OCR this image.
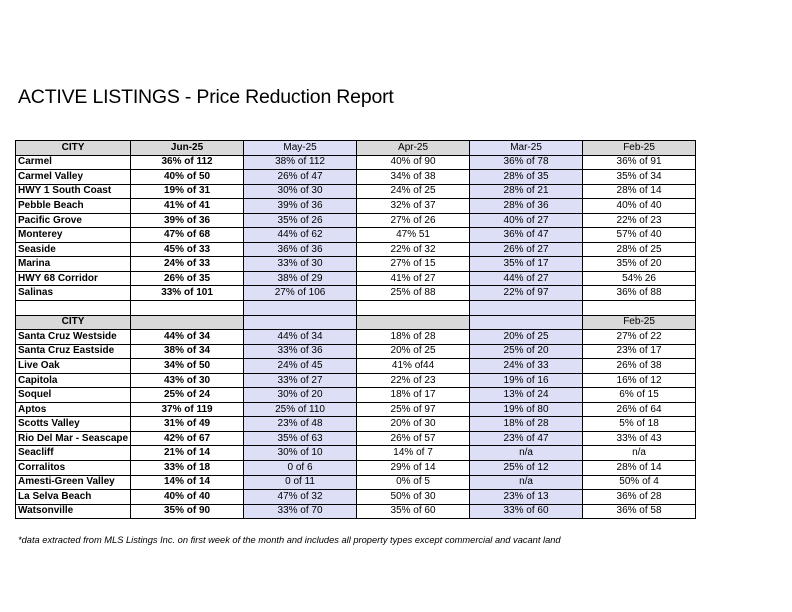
ACTIVE LISTINGS - Price Reduction Report
CITY	Jun-25	May-25	Apr-25	Mar-25	Feb-25
Carmel	36% of 112	38% of 112	40% of 90	36% of 78	36% of 91
Carmel Valley	40% of 50	26% of 47	34% of 38	28% of 35	35% of 34
HWY 1 South Coast	19% of 31	30% of 30	24% of 25	28% of 21	28% of 14
Pebble Beach	41% of 41	39% of 36	32% of 37	28% of 36	40% of 40
Pacific Grove	39% of 36	35% of 26	27% of 26	40% of 27	22% of 23
Monterey	47% of 68	44% of 62	47% 51	36% of 47	57% of 40
Seaside	45% of 33	36% of 36	22% of 32	26% of 27	28% of 25
Marina	24% of 33	33% of 30	27% of 15	35% of 17	35% of 20
HWY 68 Corridor	26% of 35	38% of 29	41% of 27	44% of 27	54% 26
Salinas	33% of 101	27% of 106	25% of 88	22% of 97	36% of 88

CITY					Feb-25
Santa Cruz Westside	44% of 34	44% of 34	18% of 28	20% of 25	27% of 22
Santa Cruz Eastside	38% of 34	33% of 36	20% of 25	25% of 20	23% of 17
Live Oak	34% of 50	24% of 45	41% of44	24% of 33	26% of 38
Capitola	43% of 30	33% of 27	22% of 23	19% of 16	16% of 12
Soquel	25% of 24	30% of 20	18% of 17	13% of 24	6% of 15
Aptos	37% of 119	25% of 110	25% of 97	19% of 80	26% of 64
Scotts Valley	31% of 49	23% of 48	20% of 30	18% of 28	5% of 18
Rio Del Mar - Seascape	42% of 67	35% of 63	26% of 57	23% of 47	33% of 43
Seacliff	21% of 14	30% of 10	14% of 7	n/a	n/a
Corralitos	33% of 18	0 of 6	29% of 14	25% of 12	28% of 14
Amesti-Green Valley	14% of 14	0 of 11	0% of 5	n/a	50% of 4
La Selva Beach	40% of 40	47% of 32	50% of 30	23% of 13	36% of 28
Watsonville	35% of 90	33% of 70	35% of 60	33% of 60	36% of 58
*data extracted from MLS Listings Inc. on first week of the month and includes all property types except commercial and vacant land
